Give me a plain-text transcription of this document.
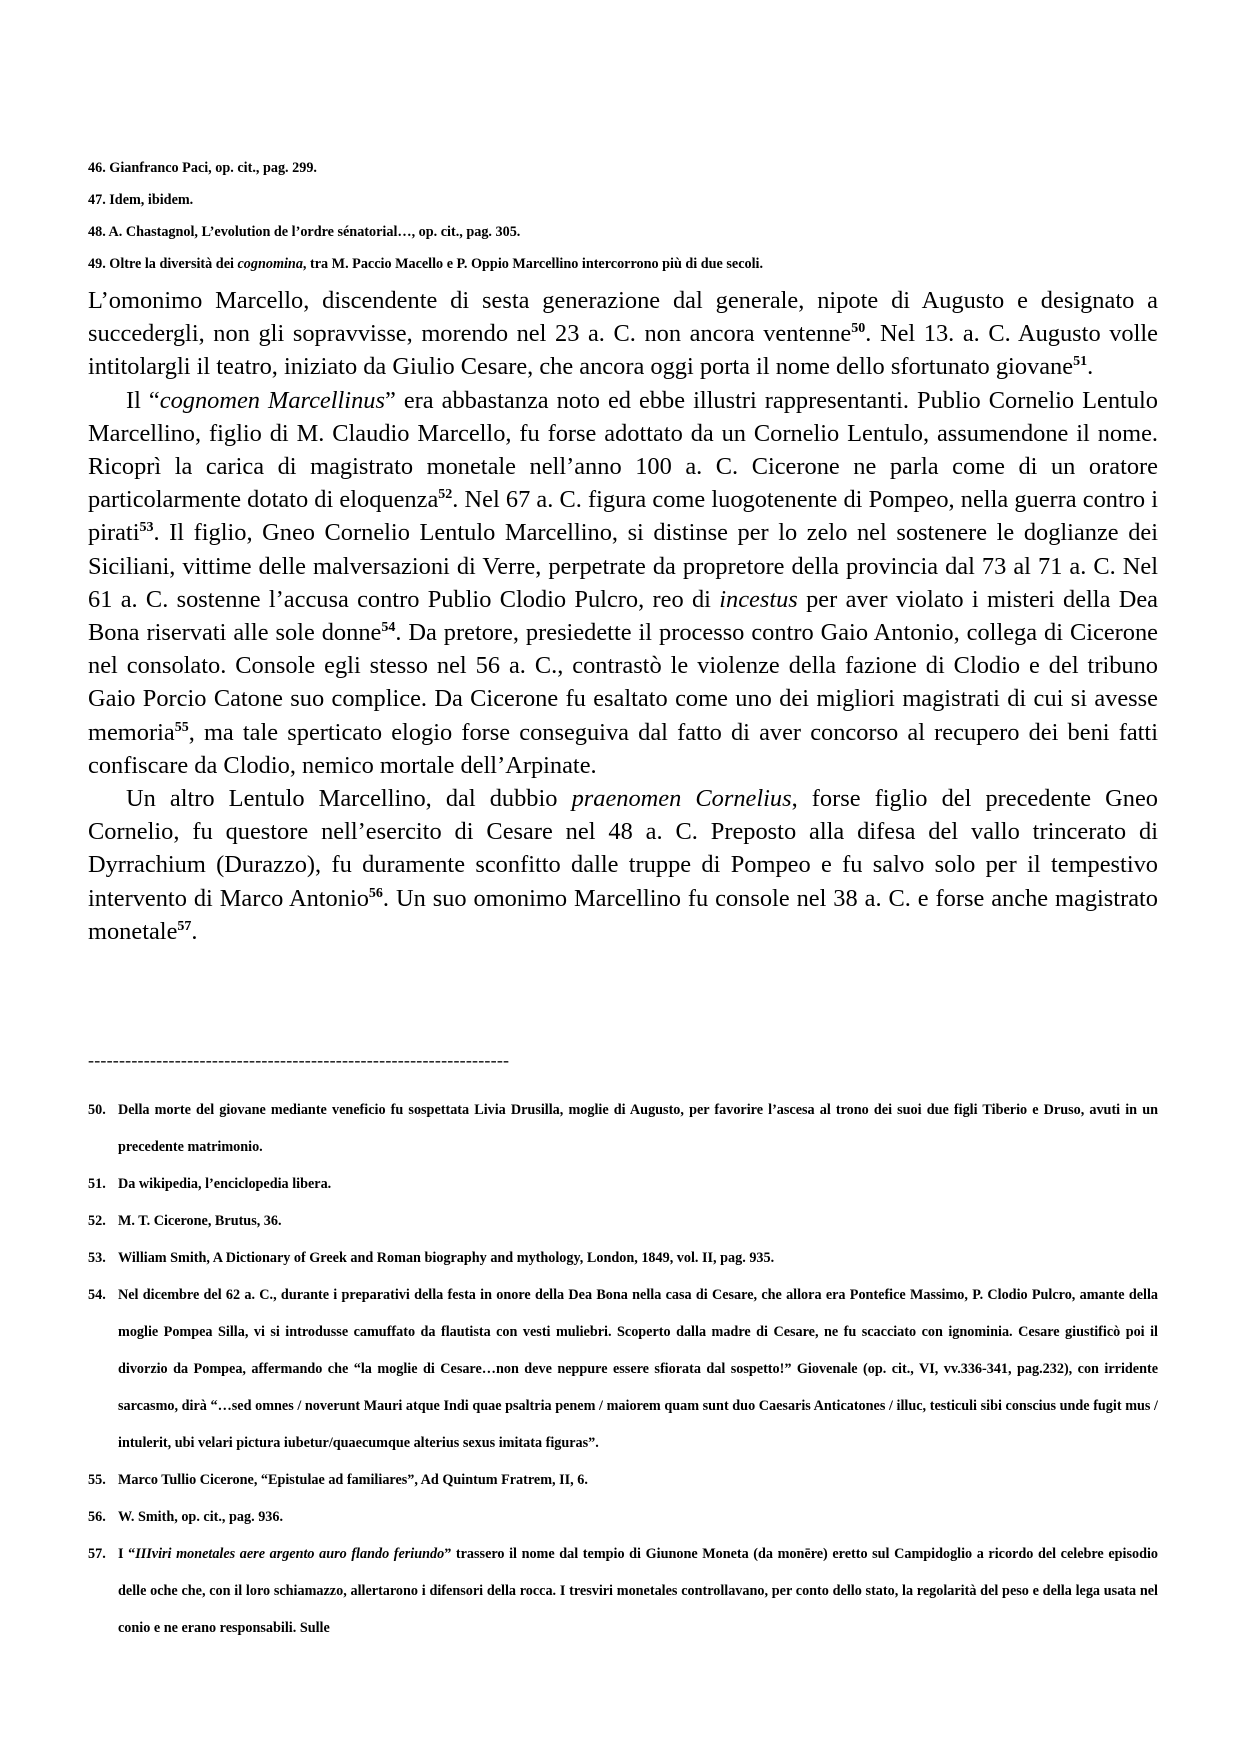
46. Gianfranco Paci, op. cit., pag. 299.
47. Idem, ibidem.
48. A. Chastagnol, L’evolution de l’ordre sénatorial…, op. cit., pag. 305.
49. Oltre la diversità dei cognomina, tra M. Paccio Macello e P. Oppio Marcellino intercorrono più di due secoli.

L’omonimo Marcello, discendente di sesta generazione dal generale, nipote di Augusto e designato a succedergli, non gli sopravvisse, morendo nel 23 a. C. non ancora ventenne$^{50}$. Nel 13. a. C. Augusto volle intitolargli il teatro, iniziato da Giulio Cesare, che ancora oggi porta il nome dello sfortunato giovane$^{51}$.

Il “cognomen Marcellinus” era abbastanza noto ed ebbe illustri rappresentanti. Publio Cornelio Lentulo Marcellino, figlio di M. Claudio Marcello, fu forse adottato da un Cornelio Lentulo, assumendone il nome. Ricoprì la carica di magistrato monetale nell’anno 100 a. C. Cicerone ne parla come di un oratore particolarmente dotato di eloquenza$^{52}$. Nel 67 a. C. figura come luogotenente di Pompeo, nella guerra contro i pirati$^{53}$. Il figlio, Gneo Cornelio Lentulo Marcellino, si distinse per lo zelo nel sostenere le doglianze dei Siciliani, vittime delle malversazioni di Verre, perpetrate da propretore della provincia dal 73 al 71 a. C. Nel 61 a. C. sostenne l’accusa contro Publio Clodio Pulcro, reo di incestus per aver violato i misteri della Dea Bona riservati alle sole donne$^{54}$. Da pretore, presiedette il processo contro Gaio Antonio, collega di Cicerone nel consolato. Console egli stesso nel 56 a. C., contrastò le violenze della fazione di Clodio e del tribuno Gaio Porcio Catone suo complice. Da Cicerone fu esaltato come uno dei migliori magistrati di cui si avesse memoria$^{55}$, ma tale sperticato elogio forse conseguiva dal fatto di aver concorso al recupero dei beni fatti confiscare da Clodio, nemico mortale dell’Arpinate.

Un altro Lentulo Marcellino, dal dubbio praenomen Cornelius, forse figlio del precedente Gneo Cornelio, fu questore nell’esercito di Cesare nel 48 a. C. Preposto alla difesa del vallo trincerato di Dyrrachium (Durazzo), fu duramente sconfitto dalle truppe di Pompeo e fu salvo solo per il tempestivo intervento di Marco Antonio$^{56}$. Un suo omonimo Marcellino fu console nel 38 a. C. e forse anche magistrato monetale$^{57}$.

--------------------------------------------------------------------
50. Della morte del giovane mediante veneficio fu sospettata Livia Drusilla, moglie di Augusto, per favorire l’ascesa al trono dei suoi due figli Tiberio e Druso, avuti in un precedente matrimonio.
51. Da wikipedia, l’enciclopedia libera.
52. M. T. Cicerone, Brutus, 36.
53. William Smith, A Dictionary of Greek and Roman biography and mythology, London, 1849, vol. II, pag. 935.
54. Nel dicembre del 62 a. C., durante i preparativi della festa in onore della Dea Bona nella casa di Cesare, che allora era Pontefice Massimo, P. Clodio Pulcro, amante della moglie Pompea Silla, vi si introdusse camuffato da flautista con vesti muliebri. Scoperto dalla madre di Cesare, ne fu scacciato con ignominia. Cesare giustificò poi il divorzio da Pompea, affermando che “la moglie di Cesare…non deve neppure essere sfiorata dal sospetto!” Giovenale (op. cit., VI, vv.336-341, pag.232), con irridente sarcasmo, dirà “…sed omnes / noverunt Mauri atque Indi quae psaltria penem / maiorem quam sunt duo Caesaris Anticatones / illuc, testiculi sibi conscius unde fugit mus / intulerit, ubi velari pictura iubetur/quaecumque alterius sexus imitata figuras”.
55. Marco Tullio Cicerone, “Epistulae ad familiares”, Ad Quintum Fratrem, II, 6.
56. W. Smith, op. cit., pag. 936.
57. I “IIIviri monetales aere argento auro flando feriundo” trassero il nome dal tempio di Giunone Moneta (da monēre) eretto sul Campidoglio a ricordo del celebre episodio delle oche che, con il loro schiamazzo, allertarono i difensori della rocca. I tresviri monetales controllavano, per conto dello stato, la regolarità del peso e della lega usata nel conio e ne erano responsabili. Sulle
